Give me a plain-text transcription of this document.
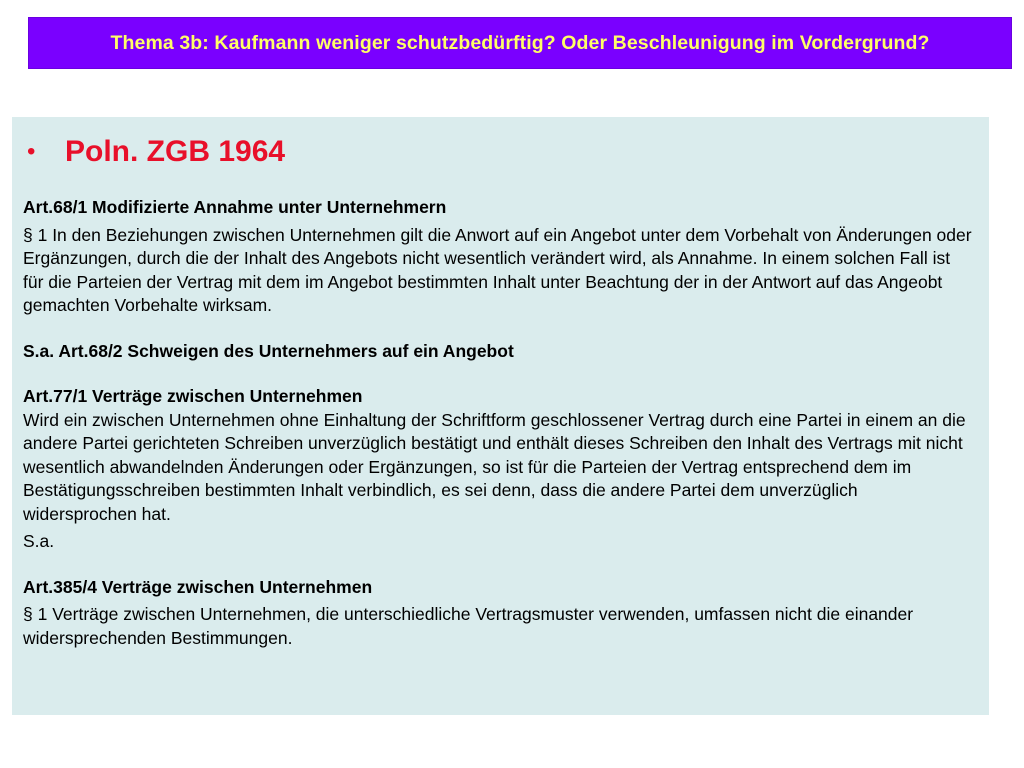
Thema 3b: Kaufmann weniger schutzbedürftig? Oder Beschleunigung im Vordergrund?
• Poln. ZGB 1964
Art.68/1 Modifizierte Annahme unter Unternehmern
§ 1 In den Beziehungen zwischen Unternehmen gilt die Anwort auf ein Angebot unter dem Vorbehalt von Änderungen oder Ergänzungen, durch die der Inhalt des Angebots nicht wesentlich verändert wird, als Annahme. In einem solchen Fall ist für die Parteien der Vertrag mit dem im Angebot bestimmten Inhalt unter Beachtung der in der Antwort auf das Angeobt gemachten Vorbehalte wirksam.
S.a. Art.68/2 Schweigen des Unternehmers auf ein Angebot
Art.77/1 Verträge zwischen Unternehmen
Wird ein zwischen Unternehmen ohne Einhaltung der Schriftform geschlossener Vertrag durch eine Partei in einem an die andere Partei gerichteten Schreiben unverzüglich bestätigt und enthält dieses Schreiben den Inhalt des Vertrags mit nicht wesentlich abwandelnden Änderungen oder Ergänzungen, so ist für die Parteien der Vertrag entsprechend dem im Bestätigungsschreiben bestimmten Inhalt verbindlich, es sei denn, dass die andere Partei dem unverzüglich widersprochen hat.
S.a.
Art.385/4 Verträge zwischen Unternehmen
§ 1 Verträge zwischen Unternehmen, die unterschiedliche Vertragsmuster verwenden, umfassen nicht die einander widersprechenden Bestimmungen.
